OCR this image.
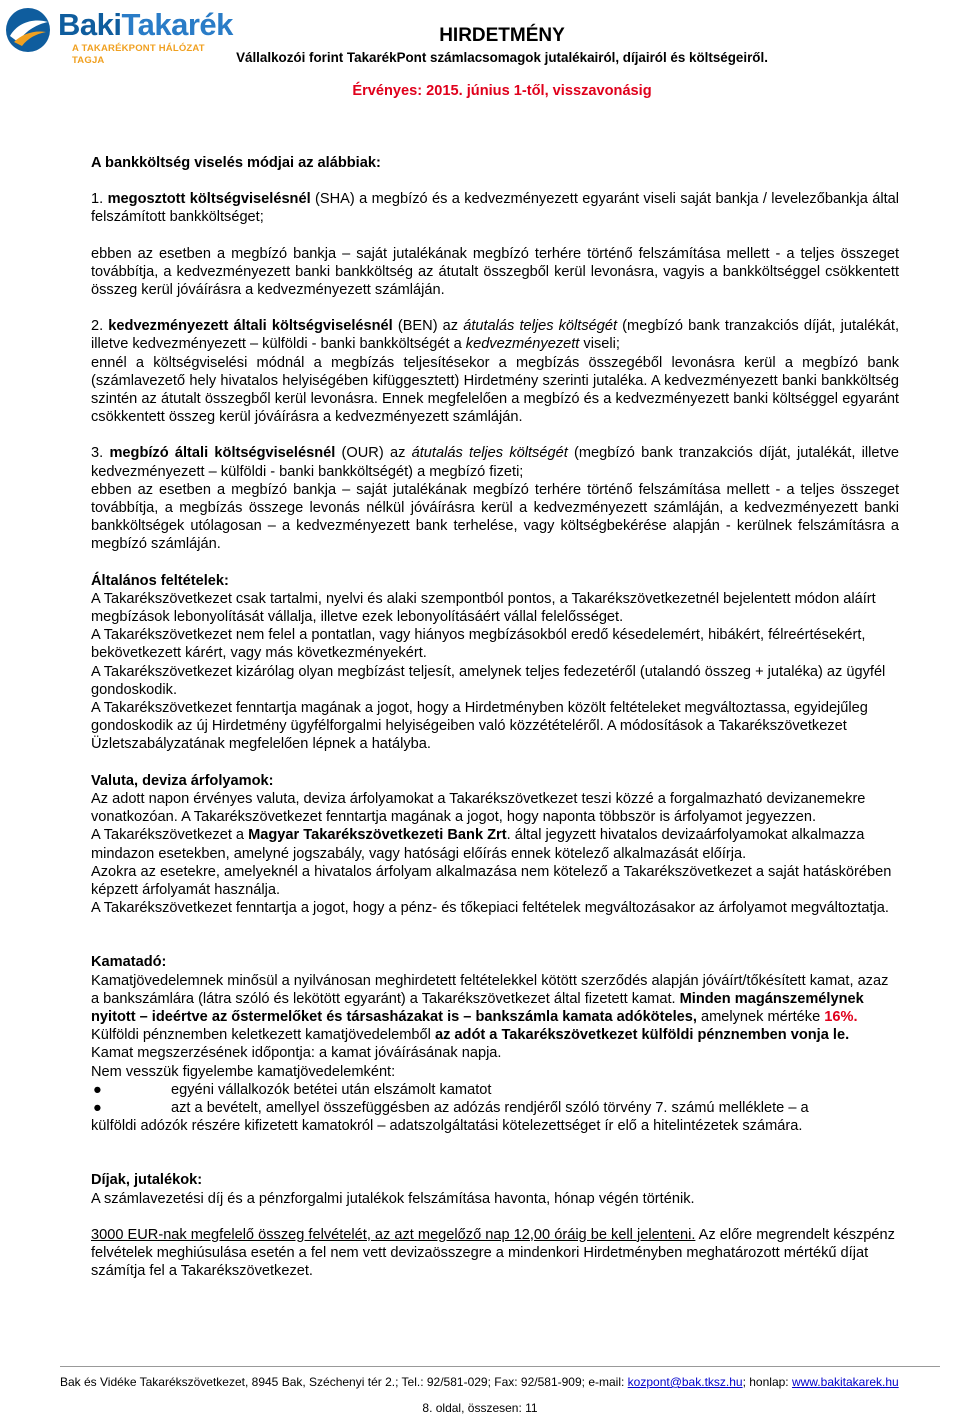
BakiTakarék
A TAKARÉKPONT HÁLÓZAT TAGJA
HIRDETMÉNY
Vállalkozói forint TakarékPont számlacsomagok jutalékairól, díjairól és költségeiről.
Érvényes: 2015. június 1-től, visszavonásig

A bankköltség viselés módjai az alábbiak:

1. megosztott költségviselésnél (SHA) a megbízó és a kedvezményezett egyaránt viseli saját bankja / levelezőbankja által felszámított bankköltséget;

ebben az esetben a megbízó bankja – saját jutalékának megbízó terhére történő felszámítása mellett - a teljes összeget továbbítja, a kedvezményezett banki bankköltség az átutalt összegből kerül levonásra, vagyis a bankköltséggel csökkentett összeg kerül jóváírásra a kedvezményezett számláján.

2. kedvezményezett általi költségviselésnél (BEN) az átutalás teljes költségét (megbízó bank tranzakciós díját, jutalékát, illetve kedvezményezett – külföldi - banki bankköltségét a kedvezményezett viseli;

ennél a költségviselési módnál a megbízás teljesítésekor a megbízás összegéből levonásra kerül a megbízó bank (számlavezető hely hivatalos helyiségében kifüggesztett) Hirdetmény szerinti jutaléka. A kedvezményezett banki bankköltség szintén az átutalt összegből kerül levonásra. Ennek megfelelően a megbízó és a kedvezményezett banki költséggel egyaránt csökkentett összeg kerül jóváírásra a kedvezményezett számláján.

3. megbízó általi költségviselésnél (OUR) az átutalás teljes költségét (megbízó bank tranzakciós díját, jutalékát, illetve kedvezményezett – külföldi - banki bankköltségét) a megbízó fizeti;

ebben az esetben a megbízó bankja – saját jutalékának megbízó terhére történő felszámítása mellett - a teljes összeget továbbítja, a megbízás összege levonás nélkül jóváírásra kerül a kedvezményezett számláján, a kedvezményezett banki bankköltségek utólagosan – a kedvezményezett bank terhelése, vagy költségbekérése alapján - kerülnek felszámításra a megbízó számláján.

Általános feltételek:

A Takarékszövetkezet csak tartalmi, nyelvi és alaki szempontból pontos, a Takarékszövetkezetnél bejelentett módon aláírt megbízások lebonyolítását vállalja, illetve ezek lebonyolításáért vállal felelősséget.

A Takarékszövetkezet nem felel a pontatlan, vagy hiányos megbízásokból eredő késedelemért, hibákért, félreértésekért, bekövetkezett kárért, vagy más következményekért.

A Takarékszövetkezet kizárólag olyan megbízást teljesít, amelynek teljes fedezetéről (utalandó összeg + jutaléka) az ügyfél gondoskodik.

A Takarékszövetkezet fenntartja magának a jogot, hogy a Hirdetményben közölt feltételeket megváltoztassa, egyidejűleg gondoskodik az új Hirdetmény ügyfélforgalmi helyiségeiben való közzétételéről. A módosítások a Takarékszövetkezet Üzletszabályzatának megfelelően lépnek a hatályba.

Valuta, deviza árfolyamok:

Az adott napon érvényes valuta, deviza árfolyamokat a Takarékszövetkezet teszi közzé a forgalmazható devizanemekre vonatkozóan. A Takarékszövetkezet fenntartja magának a jogot, hogy naponta többször is árfolyamot jegyezzen.

A Takarékszövetkezet a Magyar Takarékszövetkezeti Bank Zrt. által jegyzett hivatalos devizaárfolyamokat alkalmazza mindazon esetekben, amelyné jogszabály, vagy hatósági előírás ennek kötelező alkalmazását előírja.

Azokra az esetekre, amelyeknél a hivatalos árfolyam alkalmazása nem kötelező a Takarékszövetkezet a saját hatáskörében képzett árfolyamát használja.

A Takarékszövetkezet fenntartja a jogot, hogy a pénz- és tőkepiaci feltételek megváltozásakor az árfolyamot megváltoztatja.

Kamatadó:

Kamatjövedelemnek minősül a nyilvánosan meghirdetett feltételekkel kötött szerződés alapján jóváírt/tőkésített kamat, azaz a bankszámlára (látra szóló és lekötött egyaránt) a Takarékszövetkezet által fizetett kamat. Minden magánszemélynek nyitott – ideértve az őstermelőket és társasházakat is – bankszámla kamata adóköteles, amelynek mértéke 16%. Külföldi pénznemben keletkezett kamatjövedelemből az adót a Takarékszövetkezet külföldi pénznemben vonja le.

Kamat megszerzésének időpontja: a kamat jóváírásának napja.

Nem vesszük figyelembe kamatjövedelemként:

●	egyéni vállalkozók betétei után elszámolt kamatot
●	azt a bevételt, amellyel összefüggésben az adózás rendjéről szóló törvény 7. számú melléklete – a

külföldi adózók részére kifizetett kamatokról – adatszolgáltatási kötelezettséget ír elő a hitelintézetek számára.

Díjak, jutalékok:

A számlavezetési díj és a pénzforgalmi jutalékok felszámítása havonta, hónap végén történik.

3000 EUR-nak megfelelő összeg felvételét, az azt megelőző nap 12,00 óráig be kell jelenteni. Az előre megrendelt készpénz felvételek meghiúsulása esetén a fel nem vett devizaösszegre a mindenkori Hirdetményben meghatározott mértékű díjat számítja fel a Takarékszövetkezet.

Bak és Vidéke Takarékszövetkezet, 8945 Bak, Széchenyi tér 2.; Tel.: 92/581-029; Fax: 92/581-909; e-mail: kozpont@bak.tksz.hu; honlap: www.bakitakarek.hu
8. oldal, összesen: 11
